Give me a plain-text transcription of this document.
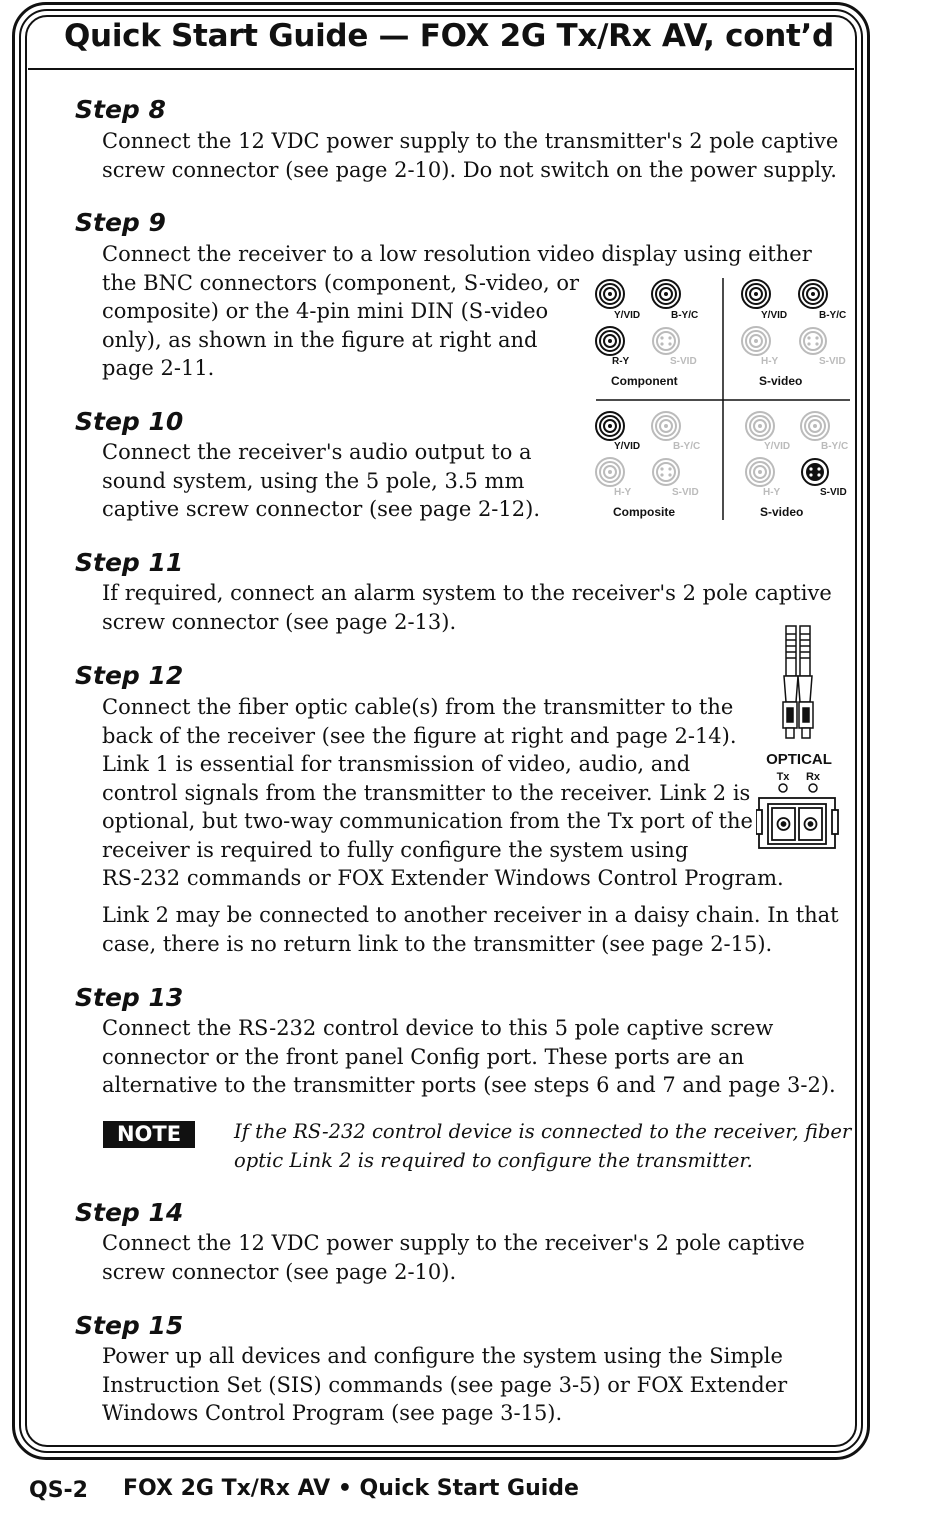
Quick Start Guide — FOX 2G Tx/Rx AV, cont’d
Step 8
Connect the 12 VDC power supply to the transmitter's 2 pole captive
screw connector (see page 2-10). Do not switch on the power supply.
Step 9
Connect the receiver to a low resolution video display using either
the BNC connectors (component, S-video, or
composite) or the 4-pin mini DIN (S-video
only), as shown in the figure at right and
page 2-11.
Step 10
Connect the receiver's audio output to a
sound system, using the 5 pole, 3.5 mm
captive screw connector (see page 2-12).
Y/VID	B-Y/C
R-Y	S-VID
Component
Y/VID	B-Y/C
H-Y	S-VID
S-video
Y/VID	B-Y/C
H-Y	S-VID
Composite
Y/VID	B-Y/C
H-Y	S-VID
S-video
Step 11
If required, connect an alarm system to the receiver's 2 pole captive
screw connector (see page 2-13).
Step 12
Connect the fiber optic cable(s) from the transmitter to the
back of the receiver (see the figure at right and page 2-14).
Link 1 is essential for transmission of video, audio, and
control signals from the transmitter to the receiver. Link 2 is
optional, but two-way communication from the Tx port of the
receiver is required to fully configure the system using
RS-232 commands or FOX Extender Windows Control Program.
Link 2 may be connected to another receiver in a daisy chain. In that
case, there is no return link to the transmitter (see page 2-15).
OPTICAL
Tx Rx
Step 13
Connect the RS-232 control device to this 5 pole captive screw
connector or the front panel Config port. These ports are an
alternative to the transmitter ports (see steps 6 and 7 and page 3-2).
NOTE	If the RS-232 control device is connected to the receiver, fiber
optic Link 2 is required to configure the transmitter.
Step 14
Connect the 12 VDC power supply to the receiver's 2 pole captive
screw connector (see page 2-10).
Step 15
Power up all devices and configure the system using the Simple
Instruction Set (SIS) commands (see page 3-5) or FOX Extender
Windows Control Program (see page 3-15).
QS-2 FOX 2G Tx/Rx AV • Quick Start Guide
